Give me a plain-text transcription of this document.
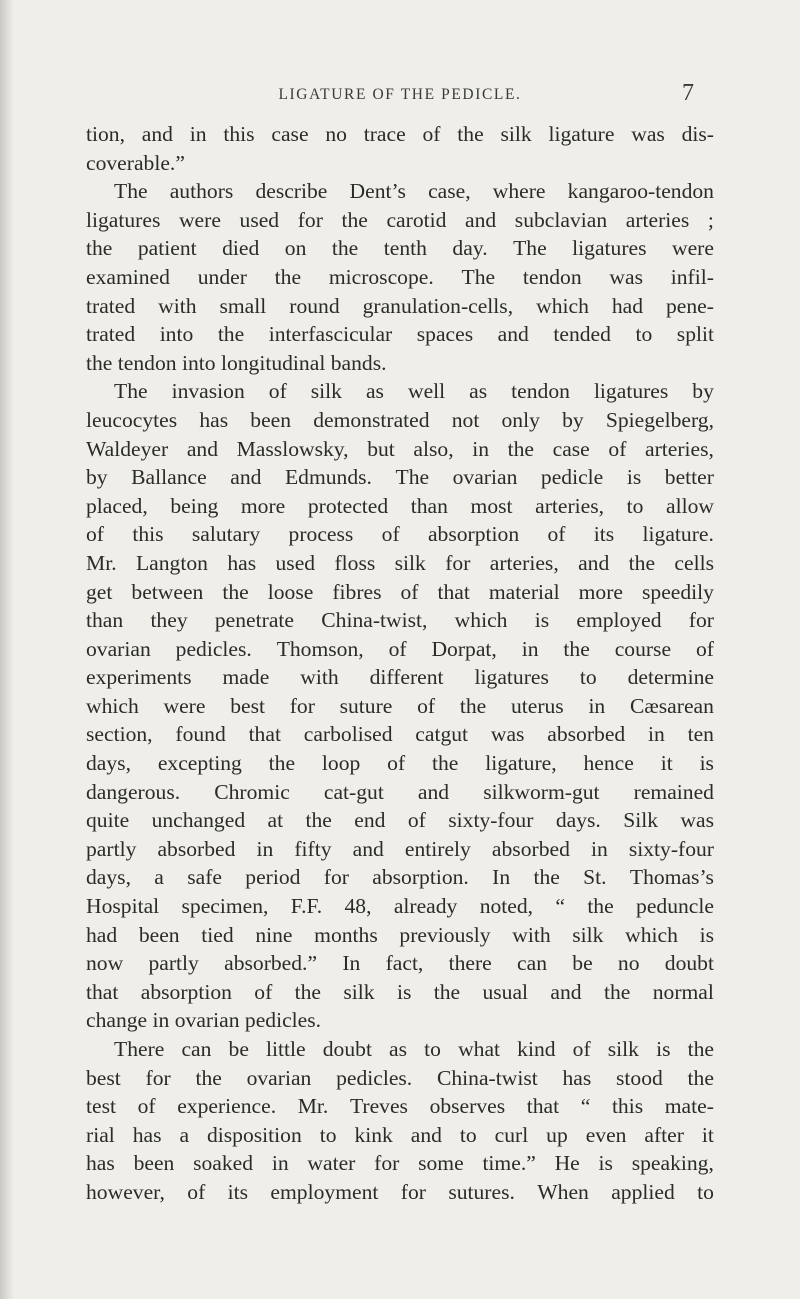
LIGATURE OF THE PEDICLE.	7
tion, and in this case no trace of the silk ligature was dis-
coverable.”
The authors describe Dent’s case, where kangaroo-tendon
ligatures were used for the carotid and subclavian arteries ;
the patient died on the tenth day. The ligatures were
examined under the microscope. The tendon was infil-
trated with small round granulation-cells, which had pene-
trated into the interfascicular spaces and tended to split
the tendon into longitudinal bands.
The invasion of silk as well as tendon ligatures by
leucocytes has been demonstrated not only by Spiegelberg,
Waldeyer and Masslowsky, but also, in the case of arteries,
by Ballance and Edmunds. The ovarian pedicle is better
placed, being more protected than most arteries, to allow
of this salutary process of absorption of its ligature.
Mr. Langton has used floss silk for arteries, and the cells
get between the loose fibres of that material more speedily
than they penetrate China-twist, which is employed for
ovarian pedicles. Thomson, of Dorpat, in the course of
experiments made with different ligatures to determine
which were best for suture of the uterus in Cæsarean
section, found that carbolised catgut was absorbed in ten
days, excepting the loop of the ligature, hence it is
dangerous. Chromic cat-gut and silkworm-gut remained
quite unchanged at the end of sixty-four days. Silk was
partly absorbed in fifty and entirely absorbed in sixty-four
days, a safe period for absorption. In the St. Thomas’s
Hospital specimen, F.F. 48, already noted, “ the peduncle
had been tied nine months previously with silk which is
now partly absorbed.” In fact, there can be no doubt
that absorption of the silk is the usual and the normal
change in ovarian pedicles.
There can be little doubt as to what kind of silk is the
best for the ovarian pedicles. China-twist has stood the
test of experience. Mr. Treves observes that “ this mate-
rial has a disposition to kink and to curl up even after it
has been soaked in water for some time.” He is speaking,
however, of its employment for sutures. When applied to
